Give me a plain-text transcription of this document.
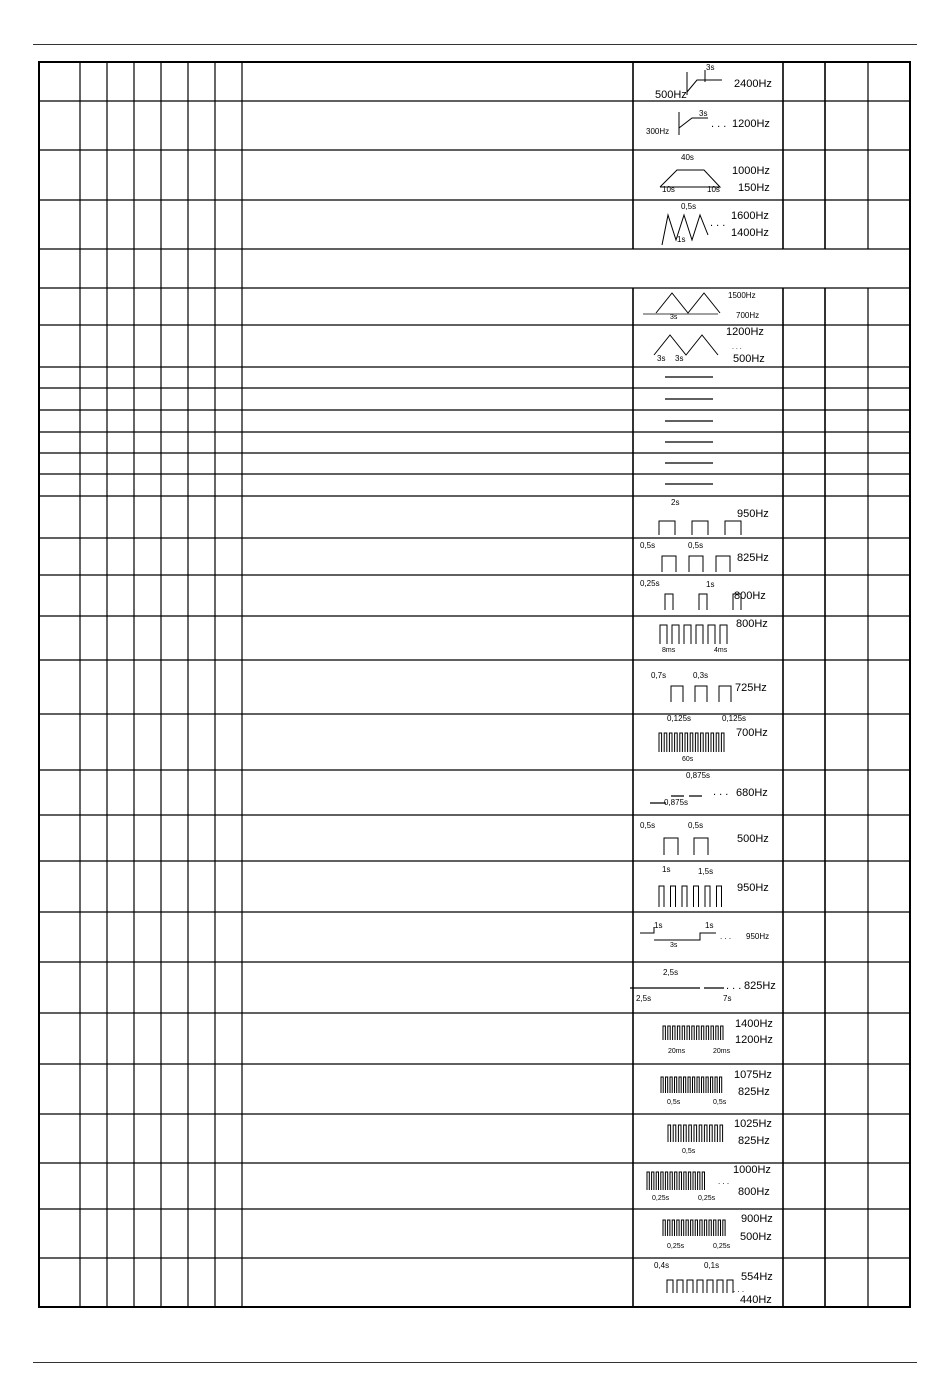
3s
500Hz
2400Hz
3s
300Hz
. . . 1200Hz
40s
1000Hz
10s	10s 150Hz
0,5s
1600Hz
. . .
1s
1400Hz
1500Hz
3s	700Hz
1200Hz
. . .
3s 3s	500Hz
2s
950Hz
0,5s	0,5s
825Hz
0,25s	1s
800Hz
800Hz
8ms	4ms
0,7s	0,3s
725Hz
0,125s	0,125s
700Hz
60s
0,875s
. . . 680Hz
0,875s
0,5s	0,5s
500Hz
1s	1,5s
950Hz
1s	1s
. . . 950Hz
3s
2,5s
. . . 825Hz
2,5s	7s
1400Hz
1200Hz
20ms	20ms
1075Hz
825Hz
0,5s	0,5s
1025Hz
825Hz
0,5s
1000Hz
. . .
800Hz
0,25s	0,25s
900Hz
500Hz
0,25s	0,25s
0,4s	0,1s
554Hz
. . .
440Hz
